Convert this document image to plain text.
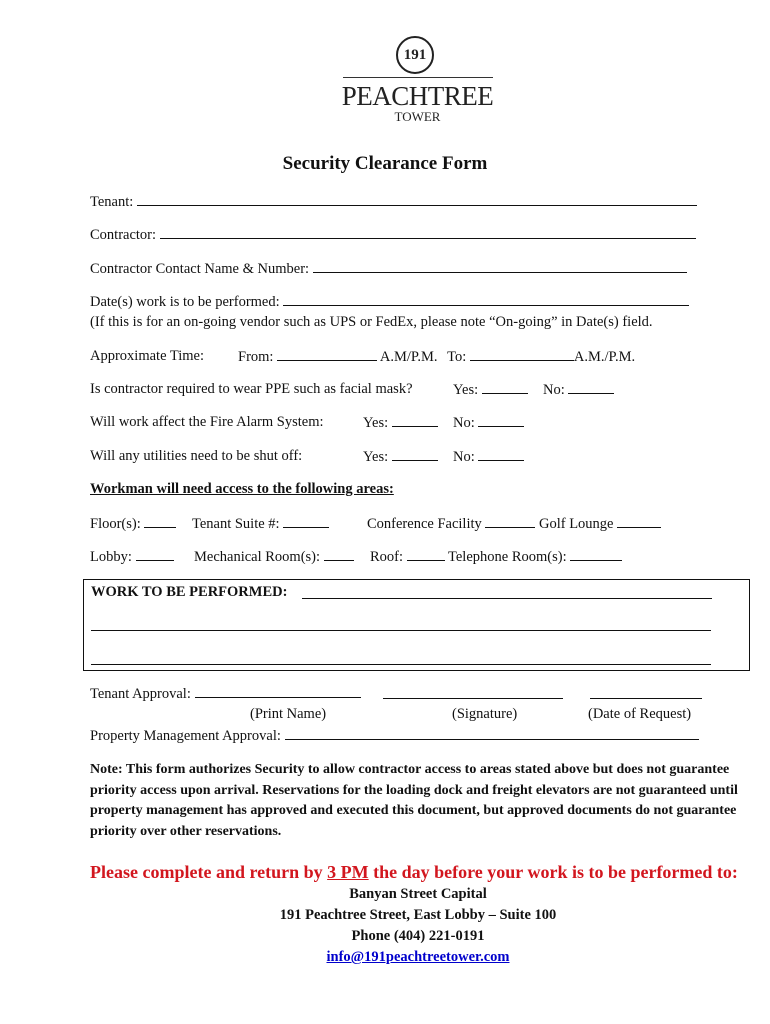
191
PEACHTREE
TOWER
Security Clearance Form
Tenant:
Contractor:
Contractor Contact Name & Number:
Date(s) work is to be performed:
(If this is for an on-going vendor such as UPS or FedEx, please note “On-going” in Date(s) field.
Approximate Time: From:	A.M/P.M. To:	A.M./P.M.
Is contractor required to wear PPE such as facial mask?	Yes:	No:
Will work affect the Fire Alarm System:	Yes:	No:
Will any utilities need to be shut off:	Yes:	No:
Workman will need access to the following areas:
Floor(s):	Tenant Suite #:	Conference Facility	Golf Lounge
Lobby:	Mechanical Room(s):	Roof:	Telephone Room(s):
WORK TO BE PERFORMED:
Tenant Approval:
(Print Name)	(Signature)	(Date of Request)
Property Management Approval:
Note: This form authorizes Security to allow contractor access to areas stated above but does not guarantee priority access upon arrival. Reservations for the loading dock and freight elevators are not guaranteed until property management has approved and executed this document, but approved documents do not guarantee priority over other reservations.
Please complete and return by 3 PM the day before your work is to be performed to:
Banyan Street Capital
191 Peachtree Street, East Lobby – Suite 100
Phone (404) 221-0191
info@191peachtreetower.com
